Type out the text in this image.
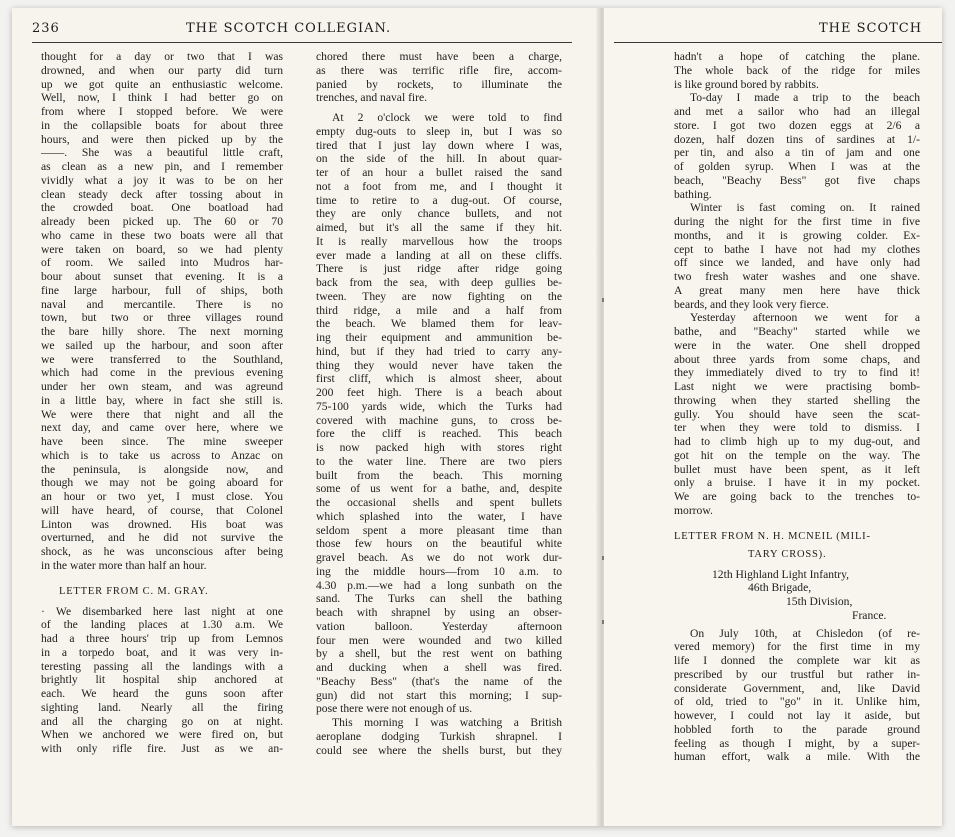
236	THE SCOTCH COLLEGIAN.
thought for a day or two that I was
drowned, and when our party did turn
up we got quite an enthusiastic welcome.
Well, now, I think I had better go on
from where I stopped before. We were
in the collapsible boats for about three
hours, and were then picked up by the
——. She was a beautiful little craft,
as clean as a new pin, and I remember
vividly what a joy it was to be on her
clean steady deck after tossing about in
the crowded boat. One boatload had
already been picked up. The 60 or 70
who came in these two boats were all that
were taken on board, so we had plenty
of room. We sailed into Mudros har-
bour about sunset that evening. It is a
fine large harbour, full of ships, both
naval and mercantile. There is no
town, but two or three villages round
the bare hilly shore. The next morning
we sailed up the harbour, and soon after
we were transferred to the Southland,
which had come in the previous evening
under her own steam, and was agreund
in a little bay, where in fact she still is.
We were there that night and all the
next day, and came over here, where we
have been since. The mine sweeper
which is to take us across to Anzac on
the peninsula, is alongside now, and
though we may not be going aboard for
an hour or two yet, I must close. You
will have heard, of course, that Colonel
Linton was drowned. His boat was
overturned, and he did not survive the
shock, as he was unconscious after being
in the water more than half an hour.
LETTER FROM C. M. GRAY.
· We disembarked here last night at one
of the landing places at 1.30 a.m. We
had a three hours' trip up from Lemnos
in a torpedo boat, and it was very in-
teresting passing all the landings with a
brightly lit hospital ship anchored at
each. We heard the guns soon after
sighting land. Nearly all the firing
and all the charging go on at night.
When we anchored we were fired on, but
with only rifle fire. Just as we an-
chored there must have been a charge,
as there was terrific rifle fire, accom-
panied by rockets, to illuminate the
trenches, and naval fire.
At 2 o'clock we were told to find
empty dug-outs to sleep in, but I was so
tired that I just lay down where I was,
on the side of the hill. In about quar-
ter of an hour a bullet raised the sand
not a foot from me, and I thought it
time to retire to a dug-out. Of course,
they are only chance bullets, and not
aimed, but it's all the same if they hit.
It is really marvellous how the troops
ever made a landing at all on these cliffs.
There is just ridge after ridge going
back from the sea, with deep gullies be-
tween. They are now fighting on the
third ridge, a mile and a half from
the beach. We blamed them for leav-
ing their equipment and ammunition be-
hind, but if they had tried to carry any-
thing they would never have taken the
first cliff, which is almost sheer, about
200 feet high. There is a beach about
75-100 yards wide, which the Turks had
covered with machine guns, to cross be-
fore the cliff is reached. This beach
is now packed high with stores right
to the water line. There are two piers
built from the beach. This morning
some of us went for a bathe, and, despite
the occasional shells and spent bullets
which splashed into the water, I have
seldom spent a more pleasant time than
those few hours on the beautiful white
gravel beach. As we do not work dur-
ing the middle hours—from 10 a.m. to
4.30 p.m.—we had a long sunbath on the
sand. The Turks can shell the bathing
beach with shrapnel by using an obser-
vation balloon. Yesterday afternoon
four men were wounded and two killed
by a shell, but the rest went on bathing
and ducking when a shell was fired.
"Beachy Bess" (that's the name of the
gun) did not start this morning; I sup-
pose there were not enough of us.
This morning I was watching a British
aeroplane dodging Turkish shrapnel. I
could see where the shells burst, but they
THE SCOTCH
hadn't a hope of catching the plane.
The whole back of the ridge for miles
is like ground bored by rabbits.
To-day I made a trip to the beach
and met a sailor who had an illegal
store. I got two dozen eggs at 2/6 a
dozen, half dozen tins of sardines at 1/-
per tin, and also a tin of jam and one
of golden syrup. When I was at the
beach, "Beachy Bess" got five chaps
bathing.
Winter is fast coming on. It rained
during the night for the first time in five
months, and it is growing colder. Ex-
cept to bathe I have not had my clothes
off since we landed, and have only had
two fresh water washes and one shave.
A great many men here have thick
beards, and they look very fierce.
Yesterday afternoon we went for a
bathe, and "Beachy" started while we
were in the water. One shell dropped
about three yards from some chaps, and
they immediately dived to try to find it!
Last night we were practising bomb-
throwing when they started shelling the
gully. You should have seen the scat-
ter when they were told to dismiss. I
had to climb high up to my dug-out, and
got hit on the temple on the way. The
bullet must have been spent, as it left
only a bruise. I have it in my pocket.
We are going back to the trenches to-
morrow.
LETTER FROM N. H. MCNEIL (MILI-
TARY CROSS).
12th Highland Light Infantry,
46th Brigade,
15th Division,
France.
On July 10th, at Chisledon (of re-
vered memory) for the first time in my
life I donned the complete war kit as
prescribed by our trustful but rather in-
considerate Government, and, like David
of old, tried to "go" in it. Unlike him,
however, I could not lay it aside, but
hobbled forth to the parade ground
feeling as though I might, by a super-
human effort, walk a mile. With the
